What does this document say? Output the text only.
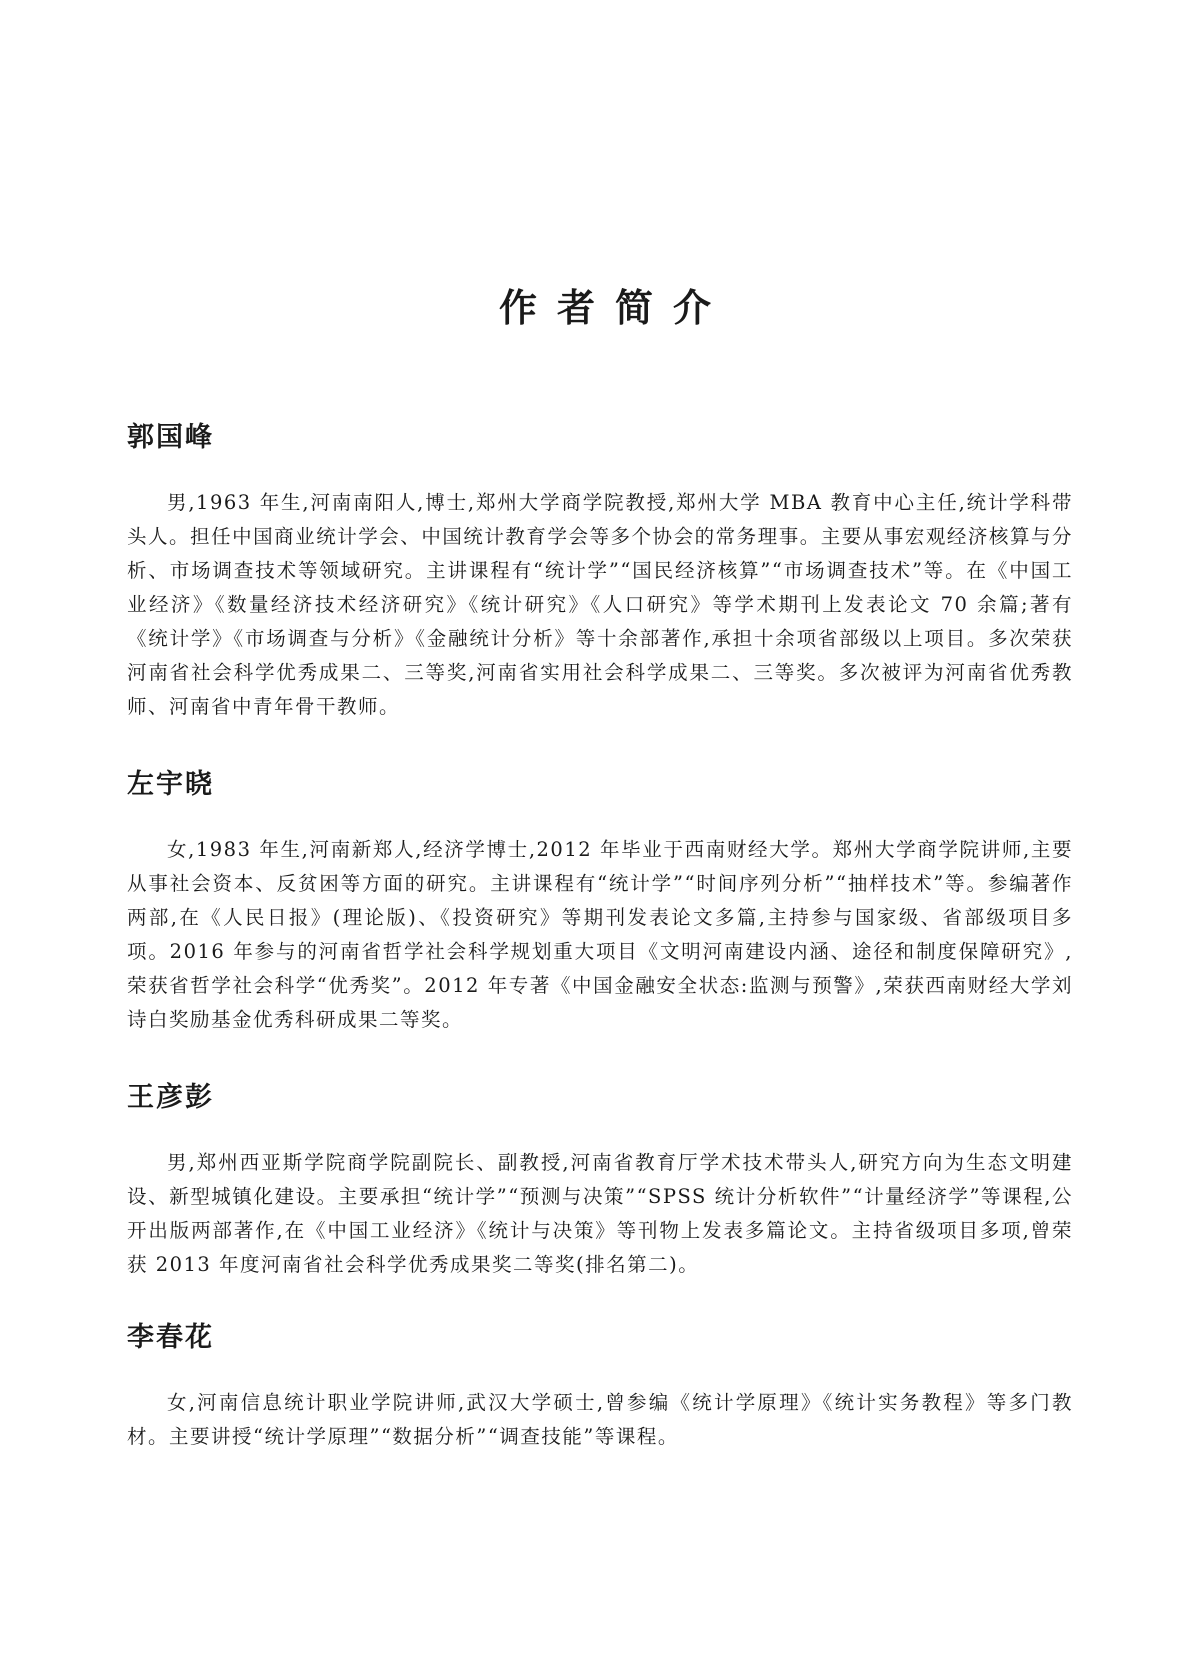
作者简介
郭国峰

男,1963 年生,河南南阳人,博士,郑州大学商学院教授,郑州大学 MBA 教育中心主任,统计学科带头人。担任中国商业统计学会、中国统计教育学会等多个协会的常务理事。主要从事宏观经济核算与分析、市场调查技术等领域研究。主讲课程有“统计学”“国民经济核算”“市场调查技术”等。在《中国工业经济》《数量经济技术经济研究》《统计研究》《人口研究》等学术期刊上发表论文 70 余篇;著有《统计学》《市场调查与分析》《金融统计分析》等十余部著作,承担十余项省部级以上项目。多次荣获河南省社会科学优秀成果二、三等奖,河南省实用社会科学成果二、三等奖。多次被评为河南省优秀教师、河南省中青年骨干教师。

左宇晓

女,1983 年生,河南新郑人,经济学博士,2012 年毕业于西南财经大学。郑州大学商学院讲师,主要从事社会资本、反贫困等方面的研究。主讲课程有“统计学”“时间序列分析”“抽样技术”等。参编著作两部,在《人民日报》(理论版)、《投资研究》等期刊发表论文多篇,主持参与国家级、省部级项目多项。2016 年参与的河南省哲学社会科学规划重大项目《文明河南建设内涵、途径和制度保障研究》,荣获省哲学社会科学“优秀奖”。2012 年专著《中国金融安全状态:监测与预警》,荣获西南财经大学刘诗白奖励基金优秀科研成果二等奖。

王彦彭

男,郑州西亚斯学院商学院副院长、副教授,河南省教育厅学术技术带头人,研究方向为生态文明建设、新型城镇化建设。主要承担“统计学”“预测与决策”“SPSS 统计分析软件”“计量经济学”等课程,公开出版两部著作,在《中国工业经济》《统计与决策》等刊物上发表多篇论文。主持省级项目多项,曾荣获 2013 年度河南省社会科学优秀成果奖二等奖(排名第二)。

李春花

女,河南信息统计职业学院讲师,武汉大学硕士,曾参编《统计学原理》《统计实务教程》等多门教材。主要讲授“统计学原理”“数据分析”“调查技能”等课程。
